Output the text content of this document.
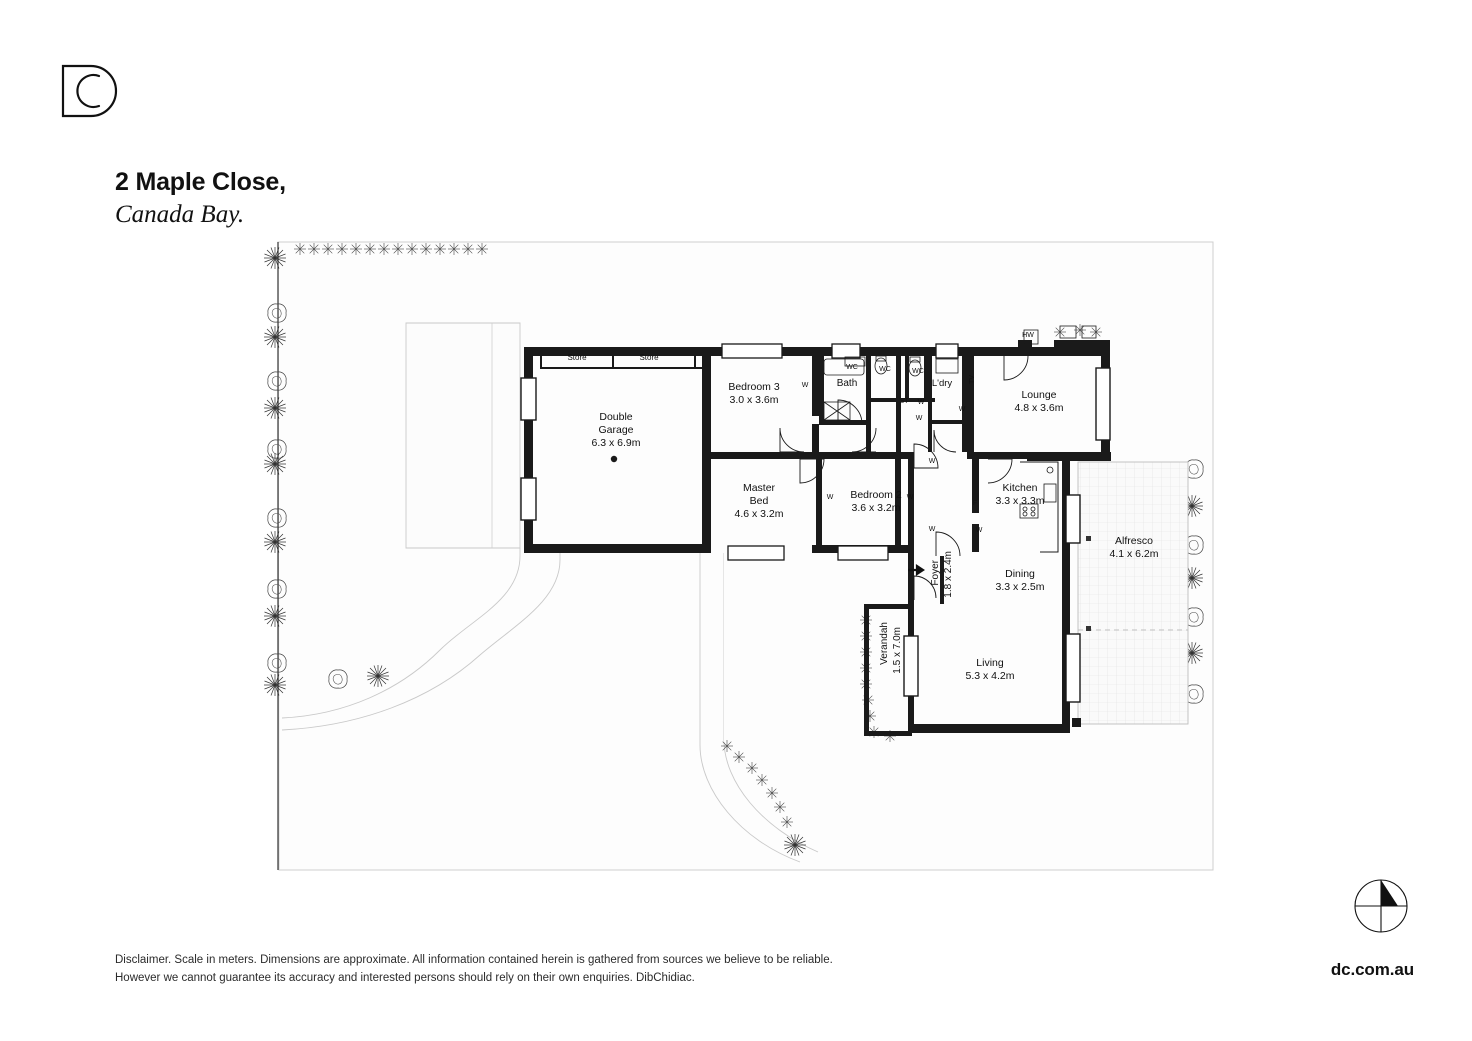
2 Maple Close,
Canada Bay.
Store	Store
Double
Garage
6.3 x 6.9m
Bedroom 3
3.0 x 3.6m
Master
Bed
4.6 x 3.2m
Bedroom 2
3.6 x 3.2m
Bath	L'dry
Lounge
4.8 x 3.6m
Kitchen
3.3 x 3.3m
Dining
3.3 x 2.5m
Living
5.3 x 4.2m
Alfresco
4.1 x 6.2m
Foyer 1.8 x 2.4m
Verandah 1.5 x 7.0m
WC	WC	WC
HW
TV
F
ST
W
W
W
W
W
W
W	W
W
Disclaimer. Scale in meters. Dimensions are approximate. All information contained herein is gathered from sources we believe to be reliable.
However we cannot guarantee its accuracy and interested persons should rely on their own enquiries. DibChidiac.	dc.com.au
